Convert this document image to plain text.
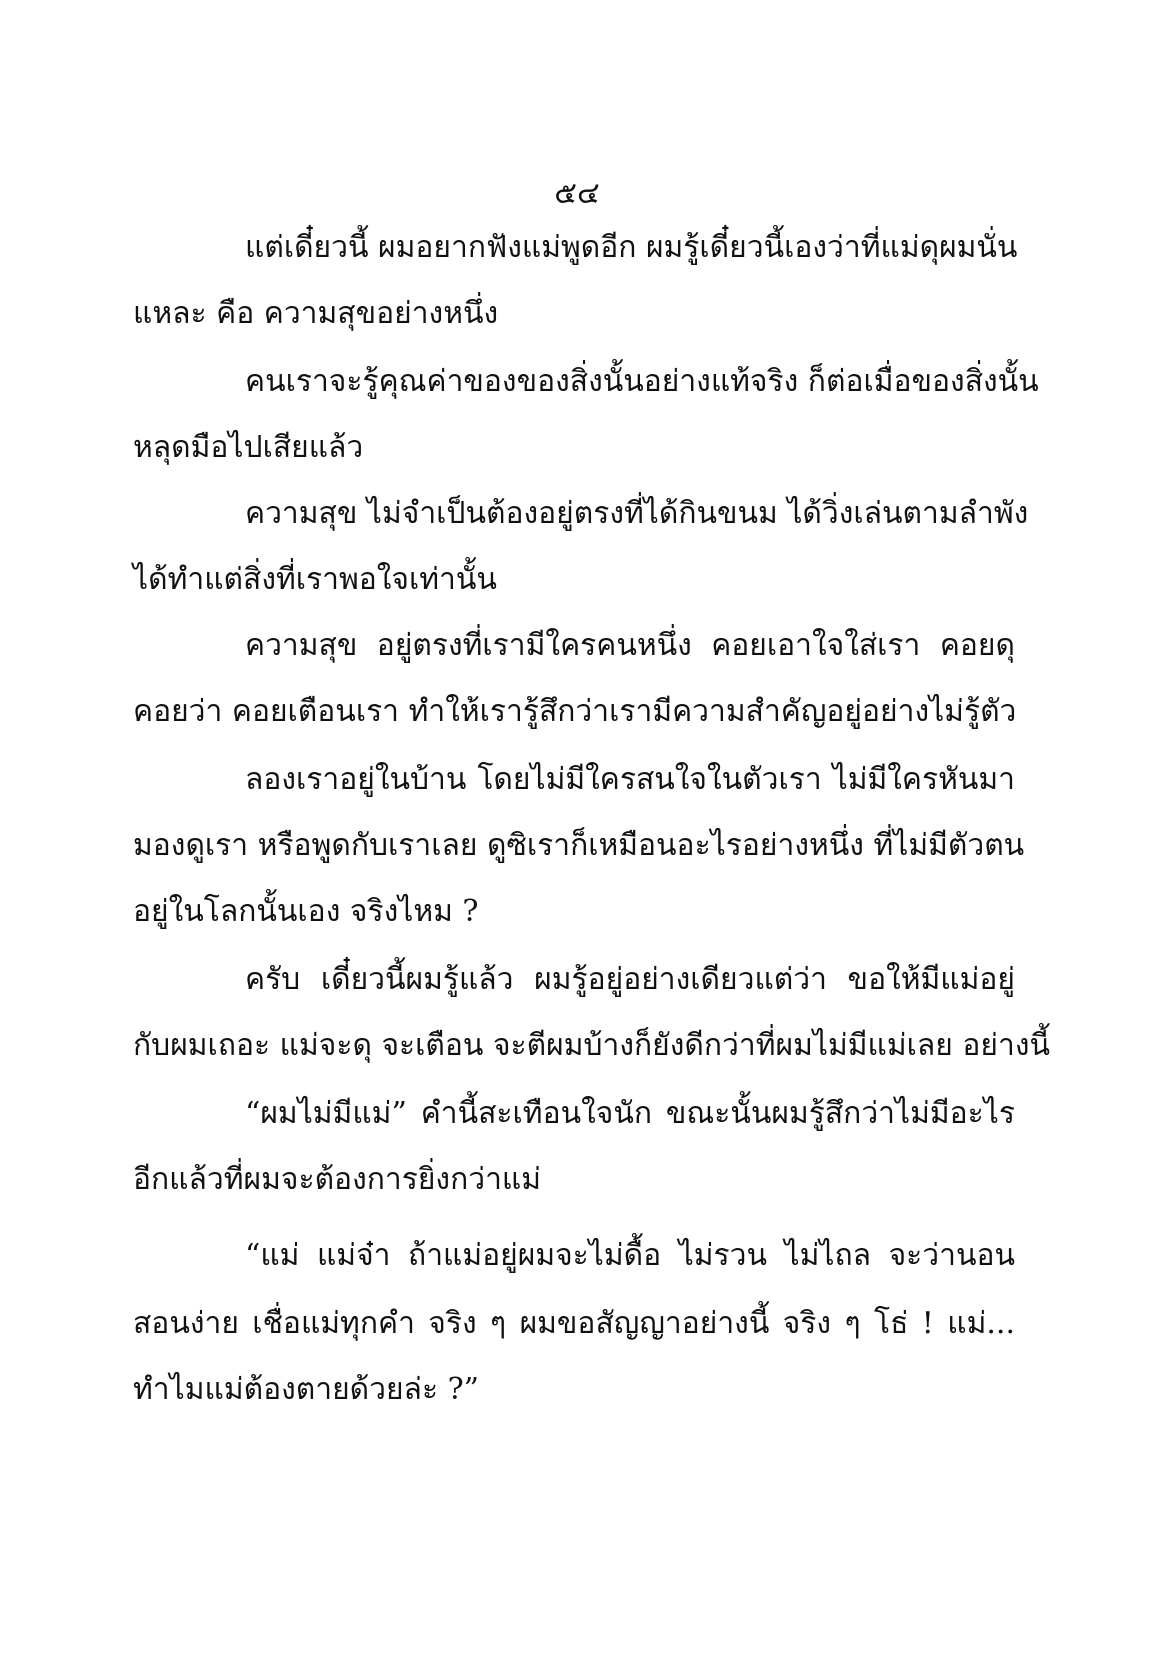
๕๔
แต่เดี๋ยวนี้ ผมอยากฟังแม่พูดอีก ผมรู้เดี๋ยวนี้เองว่าที่แม่ดุผมนั่น
แหละ คือ ความสุขอย่างหนึ่ง
คนเราจะรู้คุณค่าของของสิ่งนั้นอย่างแท้จริง ก็ต่อเมื่อของสิ่งนั้น
หลุดมือไปเสียแล้ว
ความสุข ไม่จำเป็นต้องอยู่ตรงที่ได้กินขนม ได้วิ่งเล่นตามลำพัง
ได้ทำแต่สิ่งที่เราพอใจเท่านั้น
ความสุข อยู่ตรงที่เรามีใครคนหนึ่ง คอยเอาใจใส่เรา คอยดุ
คอยว่า คอยเตือนเรา ทำให้เรารู้สึกว่าเรามีความสำคัญอยู่อย่างไม่รู้ตัว
ลองเราอยู่ในบ้าน โดยไม่มีใครสนใจในตัวเรา ไม่มีใครหันมา
มองดูเรา หรือพูดกับเราเลย ดูซิเราก็เหมือนอะไรอย่างหนึ่ง ที่ไม่มีตัวตน
อยู่ในโลกนั้นเอง จริงไหม ?
ครับ เดี๋ยวนี้ผมรู้แล้ว ผมรู้อยู่อย่างเดียวแต่ว่า ขอให้มีแม่อยู่
กับผมเถอะ แม่จะดุ จะเตือน จะตีผมบ้างก็ยังดีกว่าที่ผมไม่มีแม่เลย อย่างนี้
“ผมไม่มีแม่” คำนี้สะเทือนใจนัก ขณะนั้นผมรู้สึกว่าไม่มีอะไร
อีกแล้วที่ผมจะต้องการยิ่งกว่าแม่
“แม่ แม่จ๋า ถ้าแม่อยู่ผมจะไม่ดื้อ ไม่รวน ไม่ไถล จะว่านอน
สอนง่าย เชื่อแม่ทุกคำ จริง ๆ ผมขอสัญญาอย่างนี้ จริง ๆ โธ่ ! แม่...
ทำไมแม่ต้องตายด้วยล่ะ ?”
